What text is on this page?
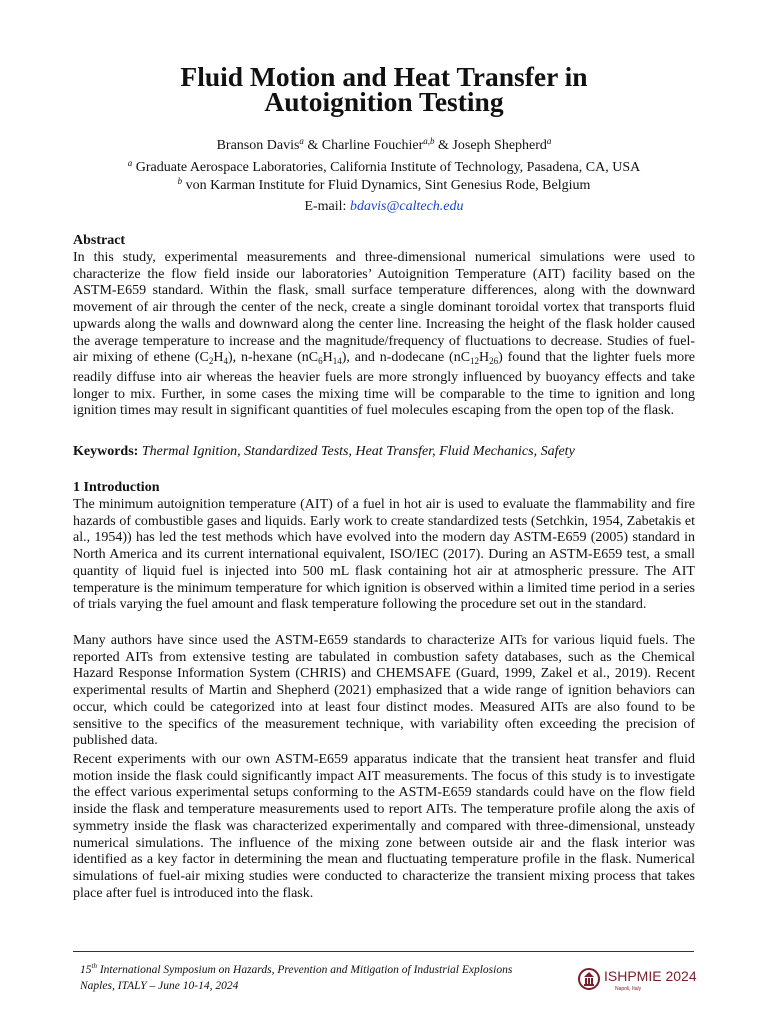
Fluid Motion and Heat Transfer in
Autoignition Testing
Branson Davis$^a$ & Charline Fouchier$^{a,b}$ & Joseph Shepherd$^a$
$^a$ Graduate Aerospace Laboratories, California Institute of Technology, Pasadena, CA, USA
$^b$ von Karman Institute for Fluid Dynamics, Sint Genesius Rode, Belgium
E-mail: bdavis@caltech.edu
Abstract
In this study, experimental measurements and three-dimensional numerical simulations were used to characterize the flow field inside our laboratories’ Autoignition Temperature (AIT) facility based on the ASTM-E659 standard. Within the flask, small surface temperature differences, along with the downward movement of air through the center of the neck, create a single dominant toroidal vortex that transports fluid upwards along the walls and downward along the center line. Increasing the height of the flask holder caused the average temperature to increase and the magnitude/frequency of fluctuations to decrease. Studies of fuel-air mixing of ethene $(C_2H_4)$, n-hexane $(nC_6H_{14})$, and n-dodecane $(nC_{12}H_{26})$ found that the lighter fuels more readily diffuse into air whereas the heavier fuels are more strongly influenced by buoyancy effects and take longer to mix. Further, in some cases the mixing time will be comparable to the time to ignition and long ignition times may result in significant quantities of fuel molecules escaping from the open top of the flask.
Keywords: Thermal Ignition, Standardized Tests, Heat Transfer, Fluid Mechanics, Safety
1 Introduction
The minimum autoignition temperature (AIT) of a fuel in hot air is used to evaluate the flammability and fire hazards of combustible gases and liquids. Early work to create standardized tests (Setchkin, 1954, Zabetakis et al., 1954)) has led the test methods which have evolved into the modern day ASTM-E659 (2005) standard in North America and its current international equivalent, ISO/IEC (2017). During an ASTM-E659 test, a small quantity of liquid fuel is injected into 500 mL flask containing hot air at atmospheric pressure. The AIT temperature is the minimum temperature for which ignition is observed within a limited time period in a series of trials varying the fuel amount and flask temperature following the procedure set out in the standard.
Many authors have since used the ASTM-E659 standards to characterize AITs for various liquid fuels. The reported AITs from extensive testing are tabulated in combustion safety databases, such as the Chemical Hazard Response Information System (CHRIS) and CHEMSAFE (Guard, 1999, Zakel et al., 2019). Recent experimental results of Martin and Shepherd (2021) emphasized that a wide range of ignition behaviors can occur, which could be categorized into at least four distinct modes. Measured AITs are also found to be sensitive to the specifics of the measurement technique, with variability often exceeding the precision of published data.
Recent experiments with our own ASTM-E659 apparatus indicate that the transient heat transfer and fluid motion inside the flask could significantly impact AIT measurements. The focus of this study is to investigate the effect various experimental setups conforming to the ASTM-E659 standards could have on the flow field inside the flask and temperature measurements used to report AITs. The temperature profile along the axis of symmetry inside the flask was characterized experimentally and compared with three-dimensional, unsteady numerical simulations. The influence of the mixing zone between outside air and the flask interior was identified as a key factor in determining the mean and fluctuating temperature profile in the flask. Numerical simulations of fuel-air mixing studies were conducted to characterize the transient mixing process that takes place after fuel is introduced into the flask.
15th International Symposium on Hazards, Prevention and Mitigation of Industrial Explosions
Naples, ITALY – June 10-14, 2024
ISHPMIE 2024
Napoli, Italy
